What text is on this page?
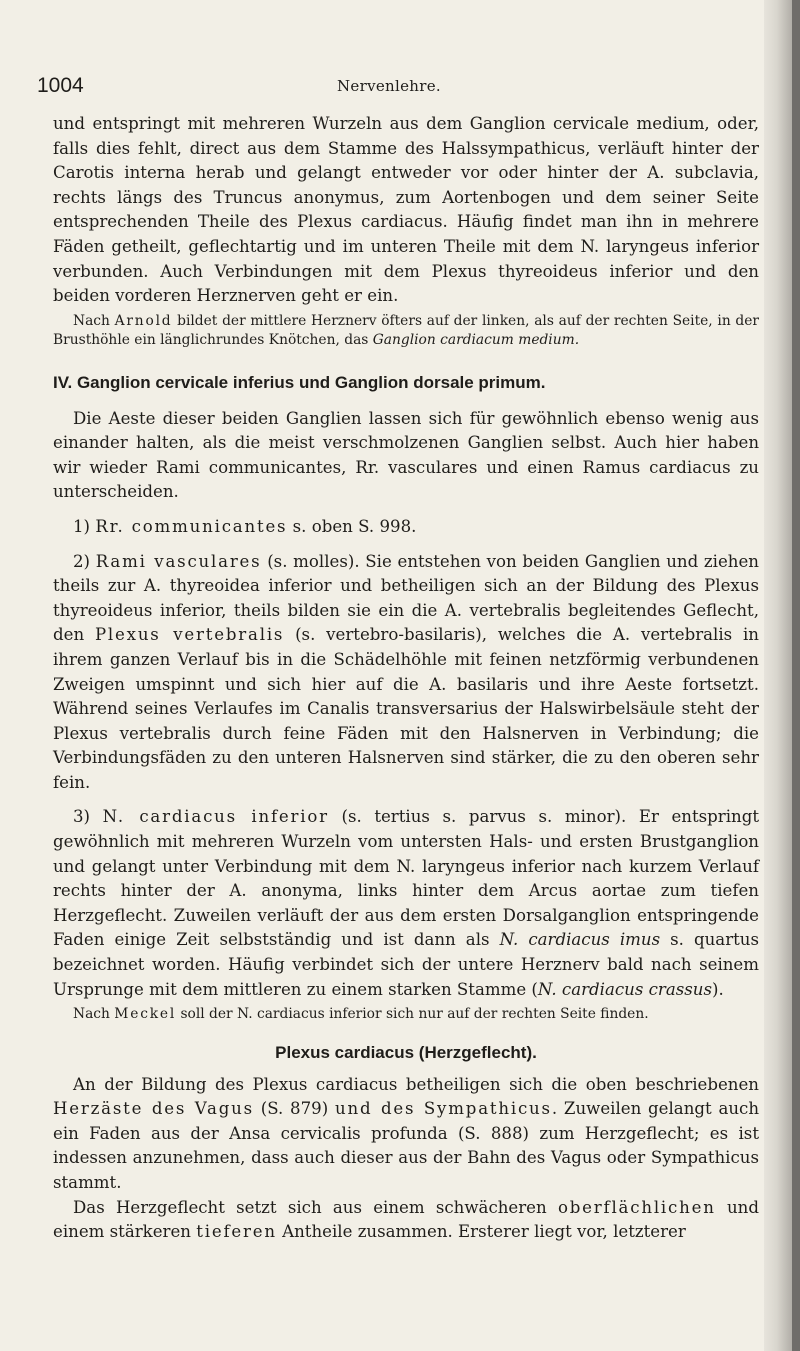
1004	Nervenlehre.

und entspringt mit mehreren Wurzeln aus dem Ganglion cervicale medium, oder, falls dies fehlt, direct aus dem Stamme des Halssympathicus, verläuft hinter der Carotis interna herab und gelangt entweder vor oder hinter der A. subclavia, rechts längs des Truncus anonymus, zum Aortenbogen und dem seiner Seite entsprechenden Theile des Plexus cardiacus. Häufig findet man ihn in mehrere Fäden getheilt, geflechtartig und im unteren Theile mit dem N. laryngeus inferior verbunden. Auch Verbindungen mit dem Plexus thyreoideus inferior und den beiden vorderen Herznerven geht er ein.

Nach Arnold bildet der mittlere Herznerv öfters auf der linken, als auf der rechten Seite, in der Brusthöhle ein länglichrundes Knötchen, das Ganglion cardiacum medium.

IV. Ganglion cervicale inferius und Ganglion dorsale primum.

Die Aeste dieser beiden Ganglien lassen sich für gewöhnlich ebenso wenig aus einander halten, als die meist verschmolzenen Ganglien selbst. Auch hier haben wir wieder Rami communicantes, Rr. vasculares und einen Ramus cardiacus zu unterscheiden.

1) Rr. communicantes s. oben S. 998.

2) Rami vasculares (s. molles). Sie entstehen von beiden Ganglien und ziehen theils zur A. thyreoidea inferior und betheiligen sich an der Bildung des Plexus thyreoideus inferior, theils bilden sie ein die A. vertebralis begleitendes Geflecht, den Plexus vertebralis (s. vertebro-basilaris), welches die A. vertebralis in ihrem ganzen Verlauf bis in die Schädelhöhle mit feinen netzförmig verbundenen Zweigen umspinnt und sich hier auf die A. basilaris und ihre Aeste fortsetzt. Während seines Verlaufes im Canalis transversarius der Halswirbelsäule steht der Plexus vertebralis durch feine Fäden mit den Halsnerven in Verbindung; die Verbindungsfäden zu den unteren Halsnerven sind stärker, die zu den oberen sehr fein.

3) N. cardiacus inferior (s. tertius s. parvus s. minor). Er entspringt gewöhnlich mit mehreren Wurzeln vom untersten Hals- und ersten Brustganglion und gelangt unter Verbindung mit dem N. laryngeus inferior nach kurzem Verlauf rechts hinter der A. anonyma, links hinter dem Arcus aortae zum tiefen Herzgeflecht. Zuweilen verläuft der aus dem ersten Dorsalganglion entspringende Faden einige Zeit selbstständig und ist dann als N. cardiacus imus s. quartus bezeichnet worden. Häufig verbindet sich der untere Herznerv bald nach seinem Ursprunge mit dem mittleren zu einem starken Stamme (N. cardiacus crassus).

Nach Meckel soll der N. cardiacus inferior sich nur auf der rechten Seite finden.

Plexus cardiacus (Herzgeflecht).

An der Bildung des Plexus cardiacus betheiligen sich die oben beschriebenen Herzäste des Vagus (S. 879) und des Sympathicus. Zuweilen gelangt auch ein Faden aus der Ansa cervicalis profunda (S. 888) zum Herzgeflecht; es ist indessen anzunehmen, dass auch dieser aus der Bahn des Vagus oder Sympathicus stammt.

Das Herzgeflecht setzt sich aus einem schwächeren oberflächlichen und einem stärkeren tieferen Antheile zusammen. Ersterer liegt vor, letzterer
